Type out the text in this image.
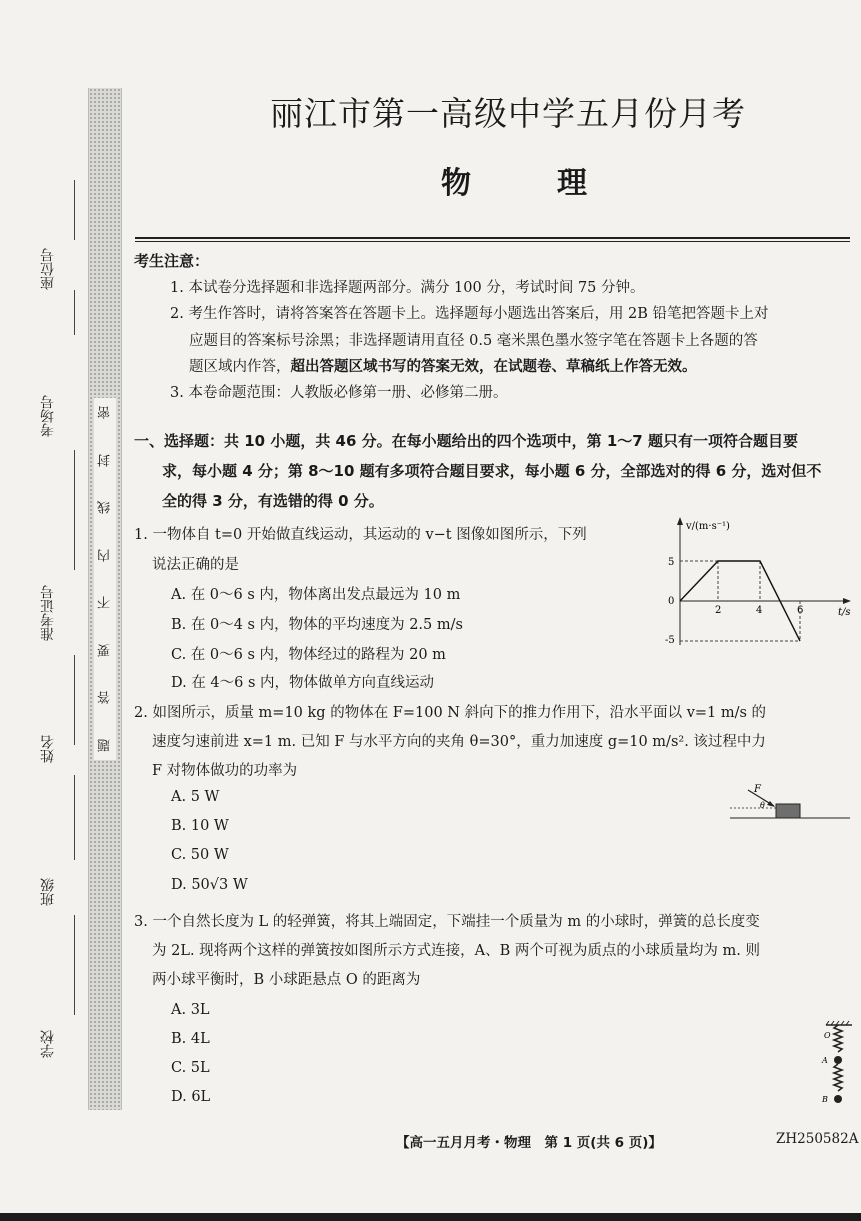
密
封
线
内
不
要
答
题
座位号
考场号
准考证号
姓名
班级
学校
丽江市第一高级中学五月份月考
物　理
考生注意：
1. 本试卷分选择题和非选择题两部分。满分 100 分，考试时间 75 分钟。
2. 考生作答时，请将答案答在答题卡上。选择题每小题选出答案后，用 2B 铅笔把答题卡上对
应题目的答案标号涂黑；非选择题请用直径 0.5 毫米黑色墨水签字笔在答题卡上各题的答
题区域内作答，超出答题区域书写的答案无效，在试题卷、草稿纸上作答无效。
3. 本卷命题范围：人教版必修第一册、必修第二册。
一、选择题：共 10 小题，共 46 分。在每小题给出的四个选项中，第 1～7 题只有一项符合题目要
求，每小题 4 分；第 8～10 题有多项符合题目要求，每小题 6 分，全部选对的得 6 分，选对但不
全的得 3 分，有选错的得 0 分。
1. 一物体自 t=0 开始做直线运动，其运动的 v−t 图像如图所示，下列
说法正确的是
A. 在 0～6 s 内，物体离出发点最远为 10 m
B. 在 0～4 s 内，物体的平均速度为 2.5 m/s
C. 在 0～6 s 内，物体经过的路程为 20 m
D. 在 4～6 s 内，物体做单方向直线运动
v/(m·s⁻¹)
t/s
5
0
-5
2	4	6
2. 如图所示，质量 m=10 kg 的物体在 F=100 N 斜向下的推力作用下，沿水平面以 v=1 m/s 的
速度匀速前进 x=1 m. 已知 F 与水平方向的夹角 θ=30°，重力加速度 g=10 m/s². 该过程中力
F 对物体做功的功率为
A. 5 W
B. 10 W
C. 50 W
D. 50√3 W
F
θ
3. 一个自然长度为 L 的轻弹簧，将其上端固定，下端挂一个质量为 m 的小球时，弹簧的总长度变
为 2L. 现将两个这样的弹簧按如图所示方式连接，A、B 两个可视为质点的小球质量均为 m. 则
两小球平衡时，B 小球距悬点 O 的距离为
A. 3L
B. 4L
C. 5L
D. 6L
O
A
B
【高一五月月考・物理　第 1 页(共 6 页)】	ZH250582A
